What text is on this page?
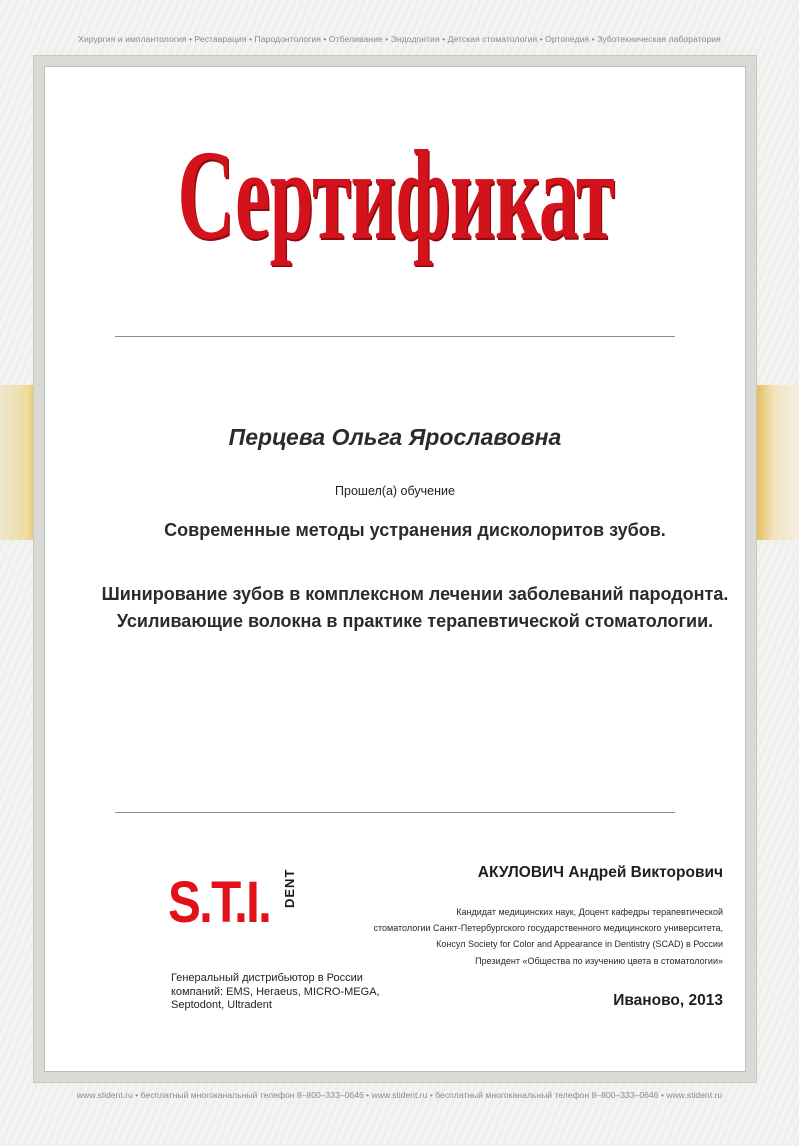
Хирургия и имплантология • Реставрация • Пародонтология • Отбеливание • Эндодонтия • Детская стоматология • Ортопедия • Зуботехническая лаборатория
Сертификат
Перцева Ольга Ярославовна
Прошел(а) обучение
Современные методы устранения дисколоритов зубов.
Шинирование зубов в комплексном лечении заболеваний пародонта. Усиливающие волокна в практике терапевтической стоматологии.
S.T.I. DENT
Генеральный дистрибьютор в России
компаний: EMS, Heraeus, MICRO-MEGA,
Septodont, Ultradent
АКУЛОВИЧ Андрей Викторович
Кандидат медицинских наук, Доцент кафедры терапевтической
стоматологии Санкт-Петербургского государственного медицинского университета,
Консул Society for Color and Appearance in Dentistry (SCAD) в России
Президент «Общества по изучению цвета в стоматологии»
Иваново, 2013
www.stident.ru • бесплатный многоканальный телефон 8–800–333–0646 • www.stident.ru • бесплатный многоканальный телефон 8–800–333–0646 • www.stident.ru
